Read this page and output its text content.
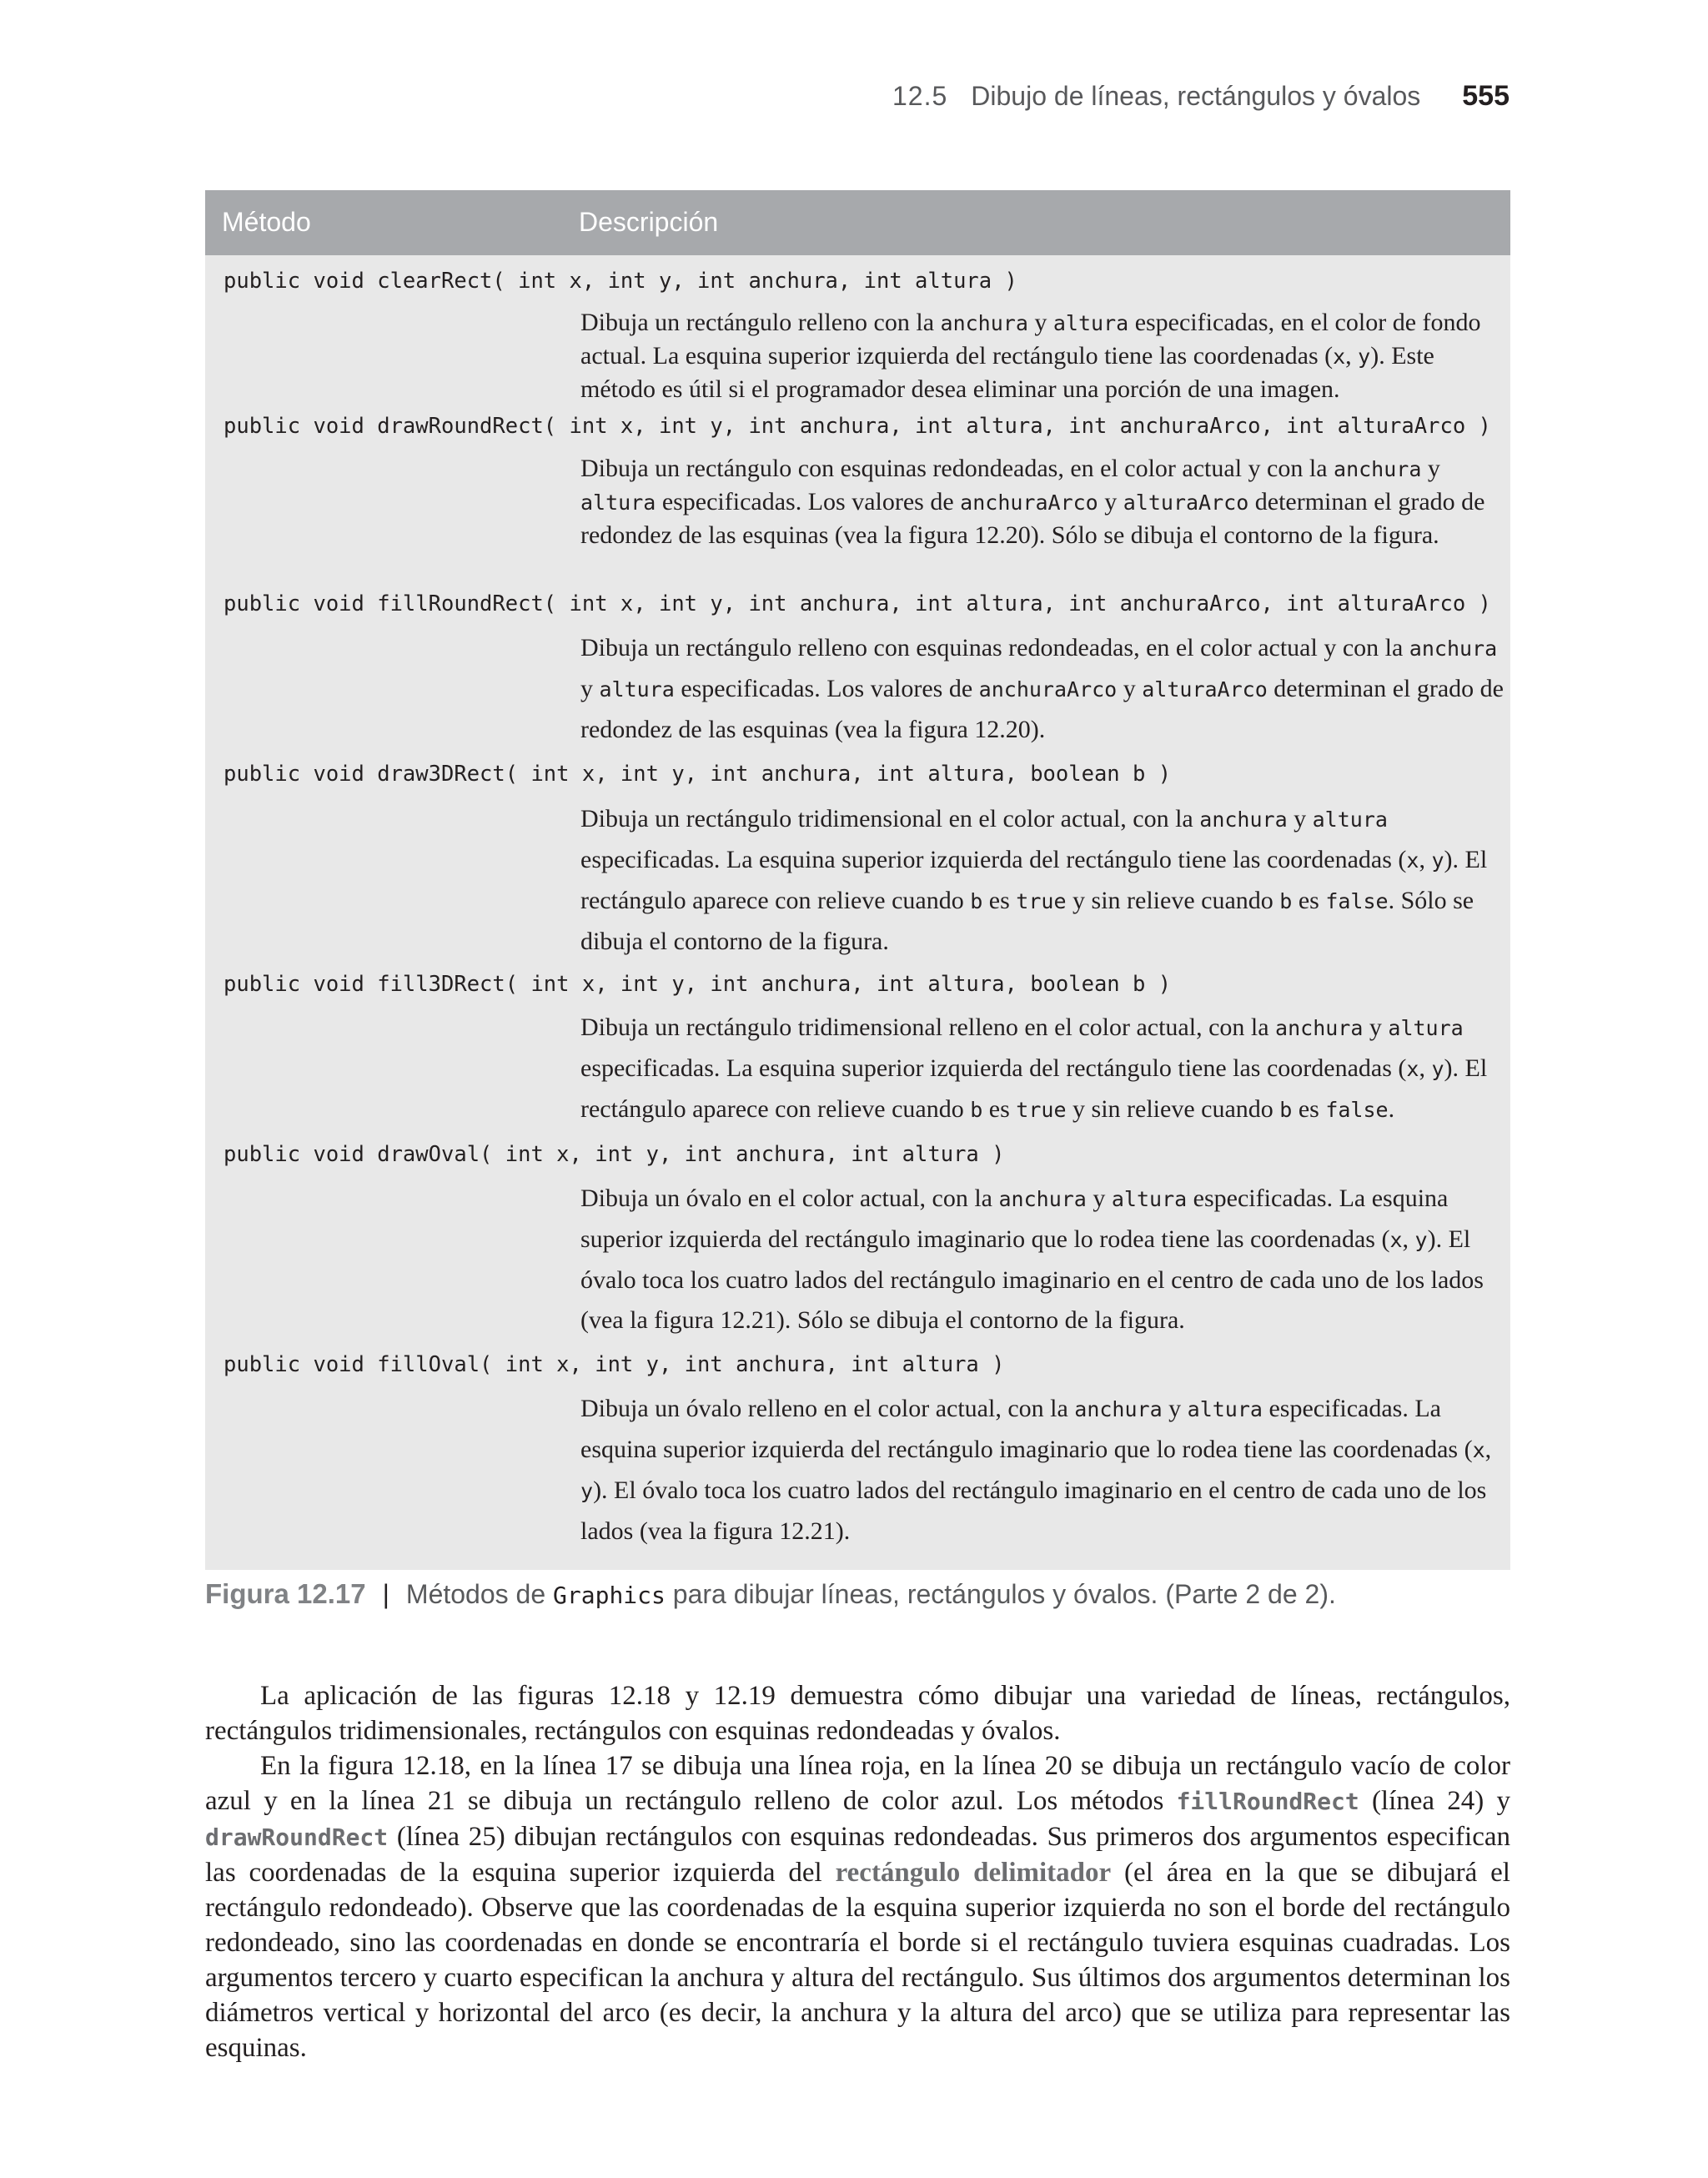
12.5 Dibujo de líneas, rectángulos y óvalos 555
Método	Descripción
public void clearRect( int x, int y, int anchura, int altura )
Dibuja un rectángulo relleno con la anchura y altura especificadas, en el color de fondo actual. La esquina superior izquierda del rectángulo tiene las coordenadas (x, y). Este método es útil si el programador desea eliminar una porción de una imagen.
public void drawRoundRect( int x, int y, int anchura, int altura, int anchuraArco, int alturaArco )
Dibuja un rectángulo con esquinas redondeadas, en el color actual y con la anchura y altura especificadas. Los valores de anchuraArco y alturaArco determinan el grado de redondez de las esquinas (vea la figura 12.20). Sólo se dibuja el contorno de la figura.
public void fillRoundRect( int x, int y, int anchura, int altura, int anchuraArco, int alturaArco )
Dibuja un rectángulo relleno con esquinas redondeadas, en el color actual y con la anchura y altura especificadas. Los valores de anchuraArco y alturaArco determinan el grado de redondez de las esquinas (vea la figura 12.20).
public void draw3DRect( int x, int y, int anchura, int altura, boolean b )
Dibuja un rectángulo tridimensional en el color actual, con la anchura y altura especificadas. La esquina superior izquierda del rectángulo tiene las coordenadas (x, y). El rectángulo aparece con relieve cuando b es true y sin relieve cuando b es false. Sólo se dibuja el contorno de la figura.
public void fill3DRect( int x, int y, int anchura, int altura, boolean b )
Dibuja un rectángulo tridimensional relleno en el color actual, con la anchura y altura especificadas. La esquina superior izquierda del rectángulo tiene las coordenadas (x, y). El rectángulo aparece con relieve cuando b es true y sin relieve cuando b es false.
public void drawOval( int x, int y, int anchura, int altura )
Dibuja un óvalo en el color actual, con la anchura y altura especificadas. La esquina superior izquierda del rectángulo imaginario que lo rodea tiene las coordenadas (x, y). El óvalo toca los cuatro lados del rectángulo imaginario en el centro de cada uno de los lados (vea la figura 12.21). Sólo se dibuja el contorno de la figura.
public void fillOval( int x, int y, int anchura, int altura )
Dibuja un óvalo relleno en el color actual, con la anchura y altura especificadas. La esquina superior izquierda del rectángulo imaginario que lo rodea tiene las coordenadas (x, y). El óvalo toca los cuatro lados del rectángulo imaginario en el centro de cada uno de los lados (vea la figura 12.21).
Figura 12.17 | Métodos de Graphics para dibujar líneas, rectángulos y óvalos. (Parte 2 de 2).

La aplicación de las figuras 12.18 y 12.19 demuestra cómo dibujar una variedad de líneas, rectángulos, rectángulos tridimensionales, rectángulos con esquinas redondeadas y óvalos.

En la figura 12.18, en la línea 17 se dibuja una línea roja, en la línea 20 se dibuja un rectángulo vacío de color azul y en la línea 21 se dibuja un rectángulo relleno de color azul. Los métodos fillRoundRect (línea 24) y drawRoundRect (línea 25) dibujan rectángulos con esquinas redondeadas. Sus primeros dos argumentos especifican las coordenadas de la esquina superior izquierda del rectángulo delimitador (el área en la que se dibujará el rectángulo redondeado). Observe que las coordenadas de la esquina superior izquierda no son el borde del rectángulo redondeado, sino las coordenadas en donde se encontraría el borde si el rectángulo tuviera esquinas cuadradas. Los argumentos tercero y cuarto especifican la anchura y altura del rectángulo. Sus últimos dos argumentos determinan los diámetros vertical y horizontal del arco (es decir, la anchura y la altura del arco) que se utiliza para representar las esquinas.
